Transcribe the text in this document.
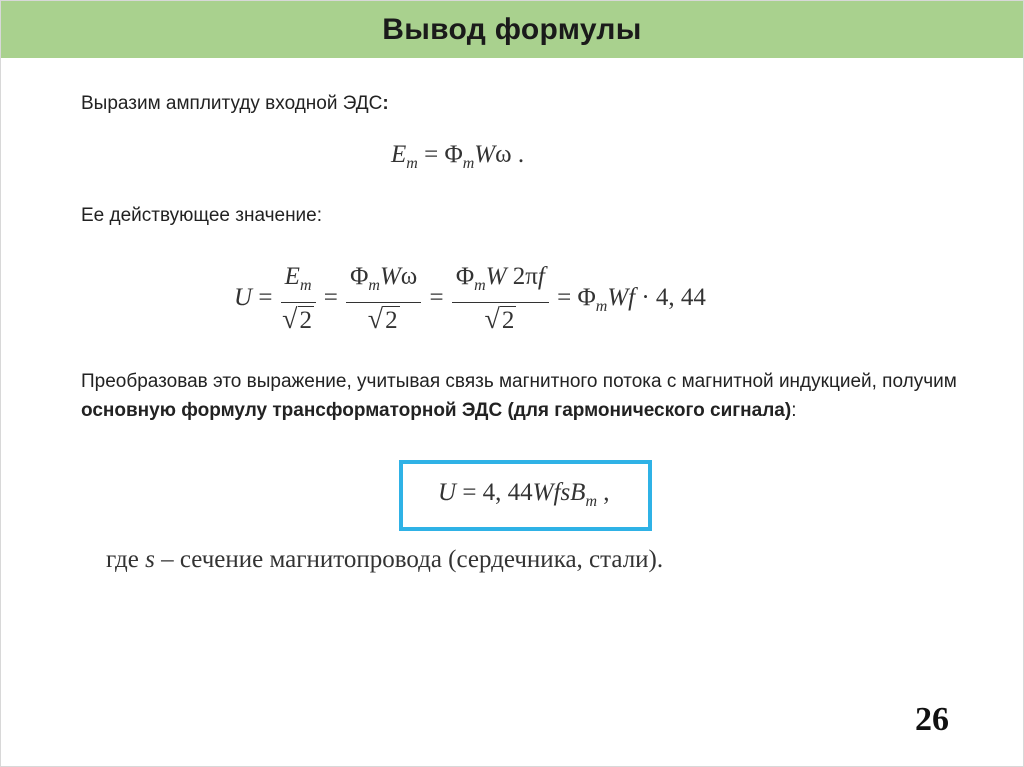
Вывод формулы
Выразим амплитуду входной ЭДС:
$E_m = \Phi_mW\omega$ .
Ее действующее значение:
$U = \frac{E_m}{√2} = \frac{\Phi_mW\omega}{√2} = \frac{\Phi_mW 2\pi f}{√2} = \Phi_mWf \cdot 4$, 44
Преобразовав это выражение, учитывая связь магнитного потока с магнитной индукцией, получим основную формулу трансформаторной ЭДС (для гармонического сигнала):
U = 4, 44WfsB$_m$ ,
где s – сечение магнитопровода (сердечника, стали).
26
